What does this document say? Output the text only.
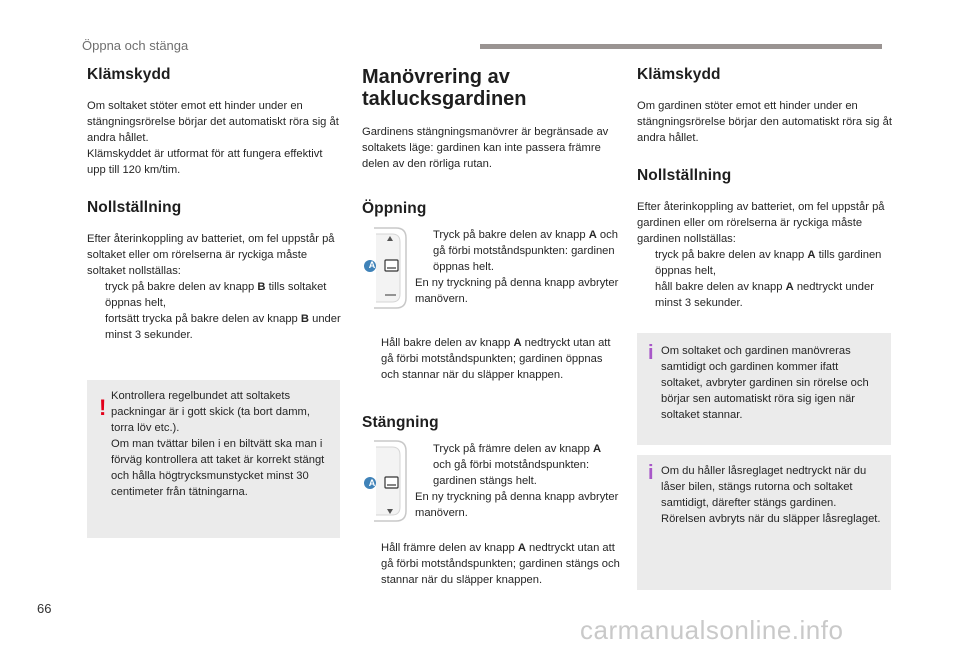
Öppna och stänga
Klämskydd

Om soltaket stöter emot ett hinder under en stängningsrörelse börjar det automatiskt röra sig åt andra hållet.

Klämskyddet är utformat för att fungera effektivt upp till 120 km/tim.

Nollställning

Efter återinkoppling av batteriet, om fel uppstår på soltaket eller om rörelserna är ryckiga måste soltaket nollställas:

tryck på bakre delen av knapp B tills soltaket öppnas helt,
fortsätt trycka på bakre delen av knapp B under minst 3 sekunder.
! Kontrollera regelbundet att soltakets packningar är i gott skick (ta bort damm, torra löv etc.).

Om man tvättar bilen i en biltvätt ska man i förväg kontrollera att taket är korrekt stängt och hålla högtrycksmunstycket minst 30 centimeter från tätningarna.

Manövrering av
taklucksgardinen

Gardinens stängningsmanövrer är begränsade av soltakets läge: gardinen kan inte passera främre delen av den rörliga rutan.

Öppning
A
Tryck på bakre delen av knapp A och gå förbi motståndspunkten: gardinen öppnas helt.

En ny tryckning på denna knapp avbryter manövern.

Håll bakre delen av knapp A nedtryckt utan att gå förbi motståndspunkten; gardinen öppnas och stannar när du släpper knappen.
Stängning
A
Tryck på främre delen av knapp A och gå förbi motståndspunkten: gardinen stängs helt.

En ny tryckning på denna knapp avbryter manövern.

Håll främre delen av knapp A nedtryckt utan att gå förbi motståndspunkten; gardinen stängs och stannar när du släpper knappen.
Klämskydd

Om gardinen stöter emot ett hinder under en stängningsrörelse börjar den automatiskt röra sig åt andra hållet.

Nollställning

Efter återinkoppling av batteriet, om fel uppstår på gardinen eller om rörelserna är ryckiga måste gardinen nollställas:

tryck på bakre delen av knapp A tills gardinen öppnas helt,
håll bakre delen av knapp A nedtryckt under minst 3 sekunder.
i Om soltaket och gardinen manövreras samtidigt och gardinen kommer ifatt soltaket, avbryter gardinen sin rörelse och börjar sen automatiskt röra sig igen när soltaket stannar.

i Om du håller låsreglaget nedtryckt när du låser bilen, stängs rutorna och soltaket samtidigt, därefter stängs gardinen. Rörelsen avbryts när du släpper låsreglaget.

66
carmanualsonline.info
